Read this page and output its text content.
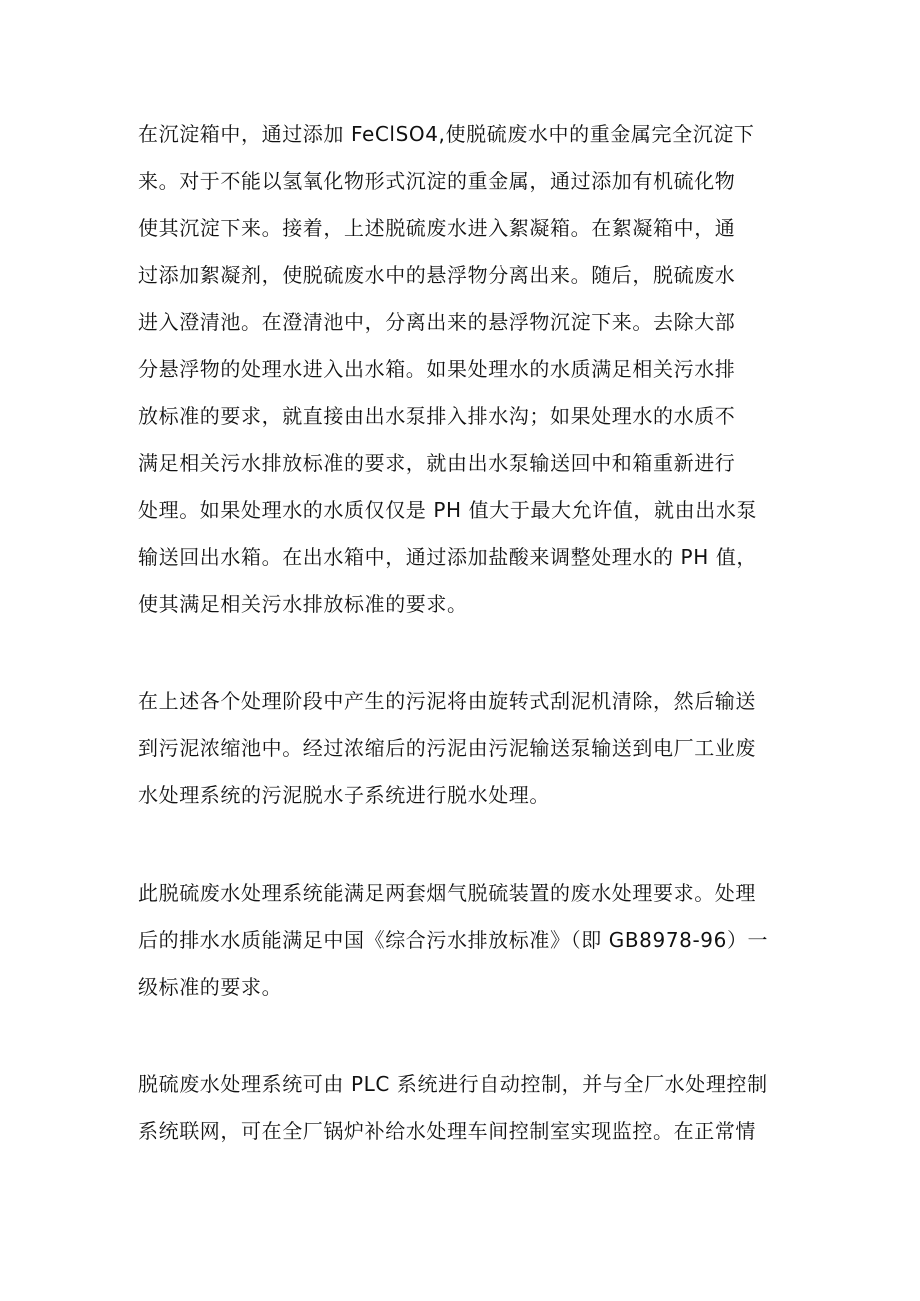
在沉淀箱中，通过添加 FeClSO4,使脱硫废水中的重金属完全沉淀下
来。对于不能以氢氧化物形式沉淀的重金属，通过添加有机硫化物
使其沉淀下来。接着，上述脱硫废水进入絮凝箱。在絮凝箱中，通
过添加絮凝剂，使脱硫废水中的悬浮物分离出来。随后，脱硫废水
进入澄清池。在澄清池中，分离出来的悬浮物沉淀下来。去除大部
分悬浮物的处理水进入出水箱。如果处理水的水质满足相关污水排
放标准的要求，就直接由出水泵排入排水沟；如果处理水的水质不
满足相关污水排放标准的要求，就由出水泵输送回中和箱重新进行
处理。如果处理水的水质仅仅是 PH 值大于最大允许值，就由出水泵
输送回出水箱。在出水箱中，通过添加盐酸来调整处理水的 PH 值，
使其满足相关污水排放标准的要求。
在上述各个处理阶段中产生的污泥将由旋转式刮泥机清除，然后输送
到污泥浓缩池中。经过浓缩后的污泥由污泥输送泵输送到电厂工业废
水处理系统的污泥脱水子系统进行脱水处理。
此脱硫废水处理系统能满足两套烟气脱硫装置的废水处理要求。处理
后的排水水质能满足中国《综合污水排放标准》（即 GB8978-96）一
级标准的要求。
脱硫废水处理系统可由 PLC 系统进行自动控制，并与全厂水处理控制
系统联网，可在全厂锅炉补给水处理车间控制室实现监控。在正常情
